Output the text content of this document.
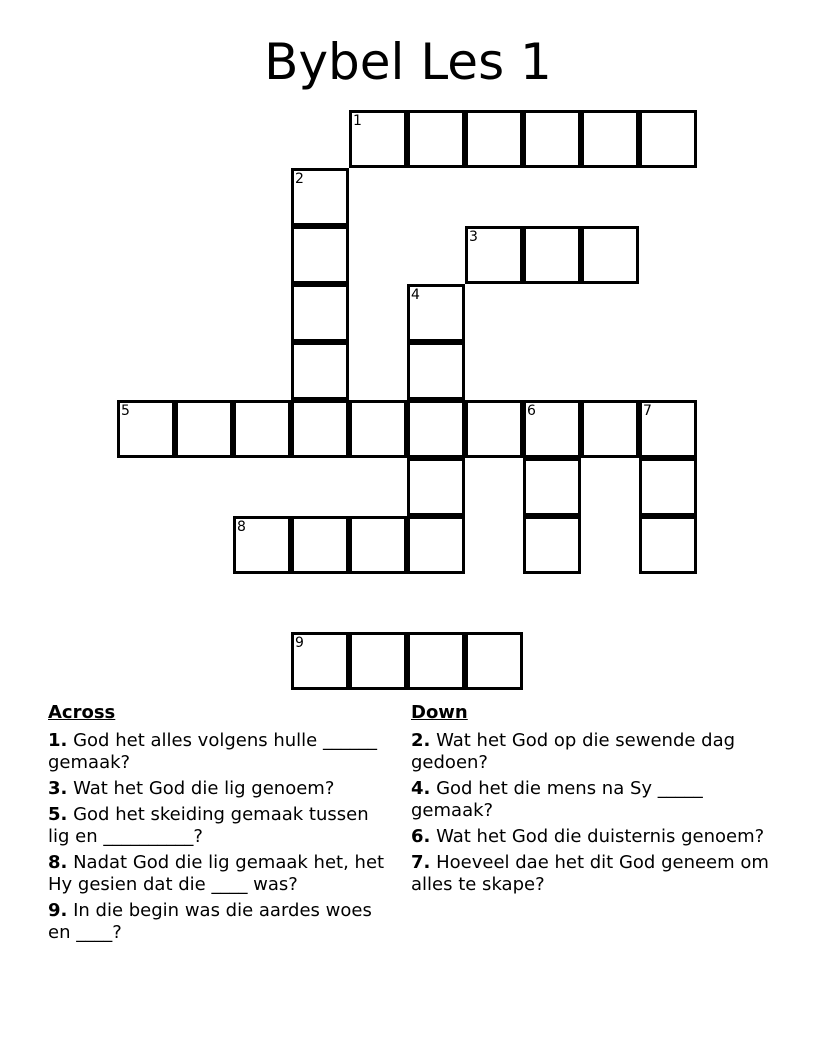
Bybel Les 1
1
2
3
4
5	6	7
8
9
Across
1. God het alles volgens hulle ______ gemaak?
3. Wat het God die lig genoem?
5. God het skeiding gemaak tussen lig en __________?
8. Nadat God die lig gemaak het, het Hy gesien dat die ____ was?
9. In die begin was die aardes woes en ____?
Down
2. Wat het God op die sewende dag gedoen?
4. God het die mens na Sy _____ gemaak?
6. Wat het God die duisternis genoem?
7. Hoeveel dae het dit God geneem om alles te skape?
